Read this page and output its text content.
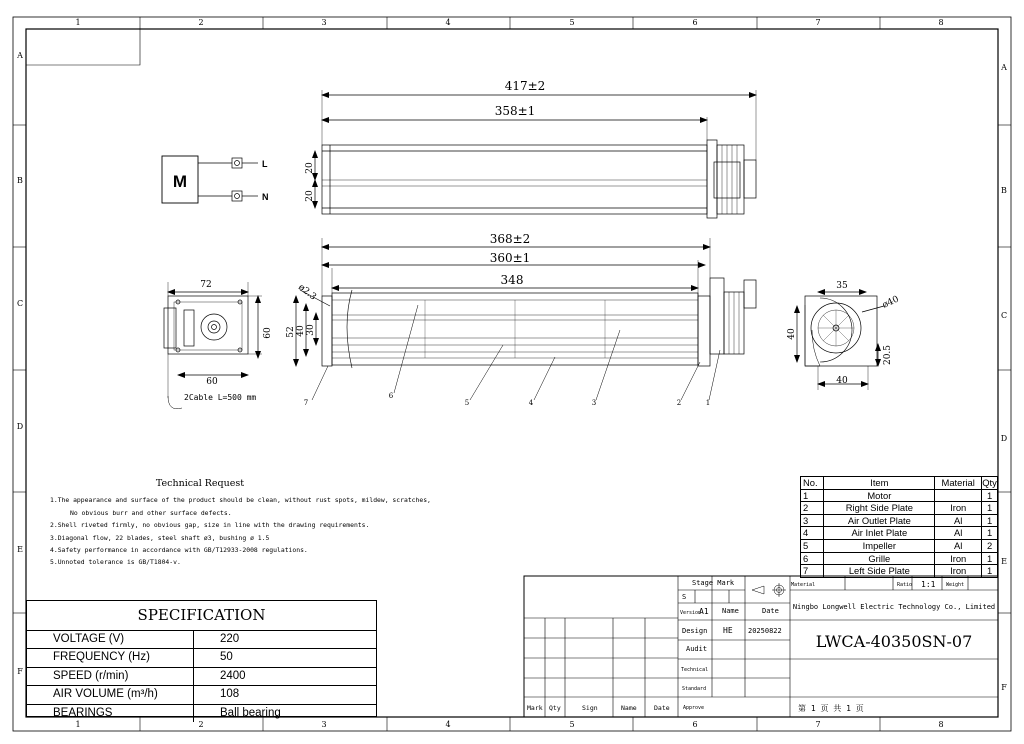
1	2	3	4	5	6	7	8
1	2	3	4	5	6	7	8
A
B
C
D
E
F
A
B
C
D
E
F
M
L
N
417±2
358±1
20
20
368±2
360±1
348
ø2.3
52 40 30
7
6
5	4	3	2	1
72
60
60
2Cable L=500 mm
35
ø40
40
20.5
40
Stage Mark
S
Version
A1 Name	Date
Design HE 20250822
Audit
Technical
Standard
Approve
Material	Ratio 1:1 Weight
Ningbo Longwell Electric Technology Co., Limited
LWCA-40350SN-07
第 1 页 共 1 页
Mark Qty	Sign	Name	Date
Technical Request
1.The appearance and surface of the product should be clean, without rust spots, mildew, scratches,
No obvious burr and other surface defects.
2.Shell riveted firmly, no obvious gap, size in line with the drawing requirements.
3.Diagonal flow, 22 blades, steel shaft ø3, bushing ø 1.5
4.Safety performance in accordance with GB/T12933-2008 regulations.
5.Unnoted tolerance is GB/T1804-v.
SPECIFICATION
VOLTAGE (V)	220
FREQUENCY (Hz)	50
SPEED (r/min)	2400
AIR VOLUME (m³/h)	108
BEARINGS	Ball bearing
No.	Item	Material	Qty
1	Motor		1
2	Right Side Plate	Iron	1
3	Air Outlet Plate	Al	1
4	Air Inlet Plate	Al	1
5	Impeller	Al	2
6	Grille	Iron	1
7	Left Side Plate	Iron	1
